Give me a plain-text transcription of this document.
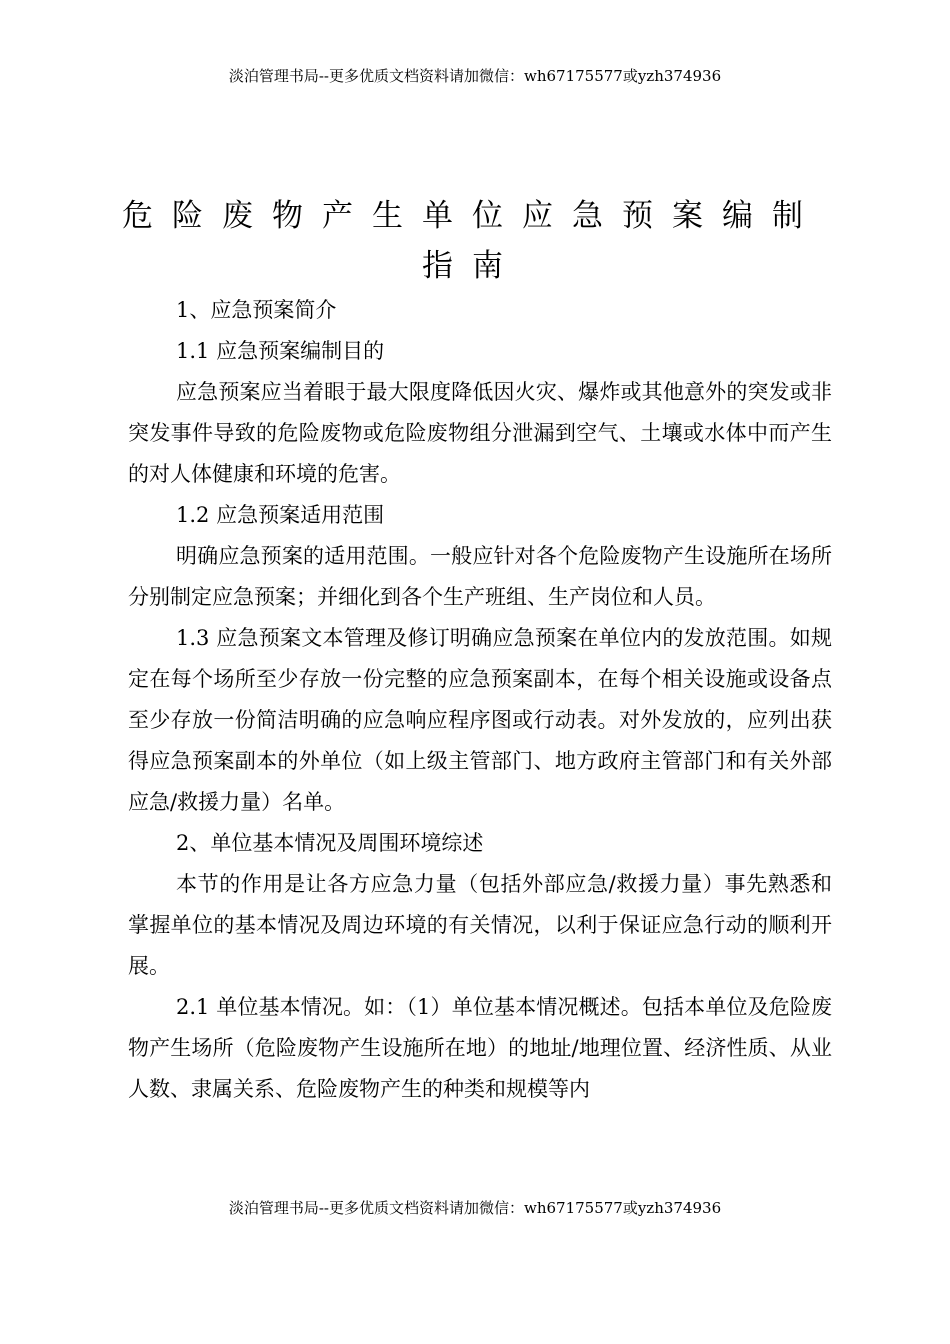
淡泊管理书局--更多优质文档资料请加微信：wh67175577或yzh374936
危险废物产生单位应急预案编制
指南

1、应急预案简介

1.1 应急预案编制目的

应急预案应当着眼于最大限度降低因火灾、爆炸或其他意外的突发或非突发事件导致的危险废物或危险废物组分泄漏到空气、土壤或水体中而产生的对人体健康和环境的危害。

1.2 应急预案适用范围

明确应急预案的适用范围。一般应针对各个危险废物产生设施所在场所分别制定应急预案；并细化到各个生产班组、生产岗位和人员。

1.3 应急预案文本管理及修订明确应急预案在单位内的发放范围。如规定在每个场所至少存放一份完整的应急预案副本，在每个相关设施或设备点至少存放一份简洁明确的应急响应程序图或行动表。对外发放的，应列出获得应急预案副本的外单位（如上级主管部门、地方政府主管部门和有关外部应急/救援力量）名单。

2、单位基本情况及周围环境综述

本节的作用是让各方应急力量（包括外部应急/救援力量）事先熟悉和掌握单位的基本情况及周边环境的有关情况，以利于保证应急行动的顺利开展。

2.1 单位基本情况。如：（1）单位基本情况概述。包括本单位及危险废物产生场所（危险废物产生设施所在地）的地址/地理位置、经济性质、从业人数、隶属关系、危险废物产生的种类和规模等内

淡泊管理书局--更多优质文档资料请加微信：wh67175577或yzh374936
